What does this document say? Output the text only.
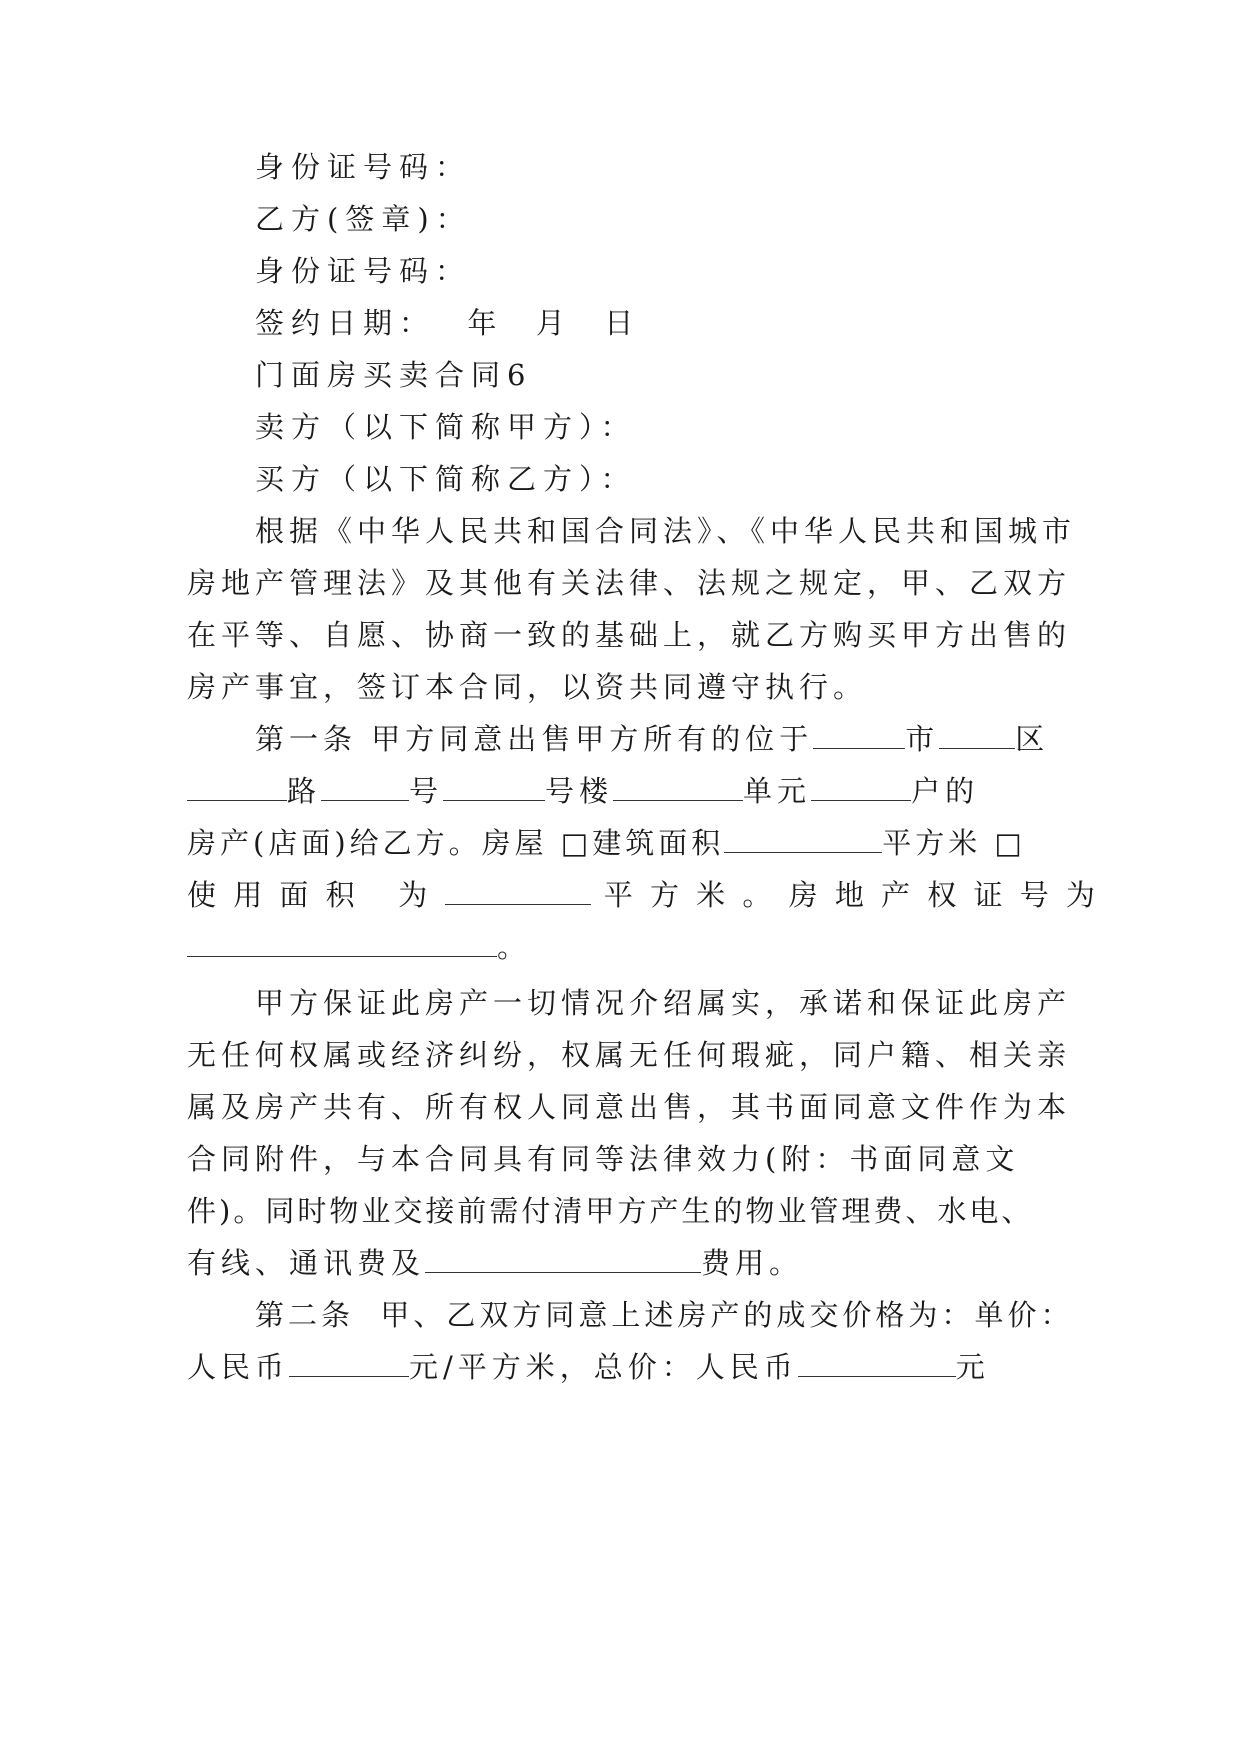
身份证号码：
乙方(签章)：
身份证号码：
签约日期：  年  月  日
门面房买卖合同6
卖方（以下简称甲方）：
买方（以下简称乙方）：
根据《中华人民共和国合同法》、《中华人民共和国城市
房地产管理法》及其他有关法律、法规之规定，甲、乙双方
在平等、自愿、协商一致的基础上，就乙方购买甲方出售的
房产事宜，签订本合同，以资共同遵守执行。
第一条 甲方同意出售甲方所有的位于	市	区
路	号	号楼	单元	户的
房产(店面)给乙方。房屋 □建筑面积	平方米 □
使 用 面 积   为	平 方 米 。 房 地 产 权 证 号 为
。
甲方保证此房产一切情况介绍属实，承诺和保证此房产
无任何权属或经济纠纷，权属无任何瑕疵，同户籍、相关亲
属及房产共有、所有权人同意出售，其书面同意文件作为本
合同附件，与本合同具有同等法律效力(附：书面同意文
件)。同时物业交接前需付清甲方产生的物业管理费、水电、
有线、通讯费及	费用。
第二条  甲、乙双方同意上述房产的成交价格为：单价：
人民币	元/平方米，总价：人民币	元
